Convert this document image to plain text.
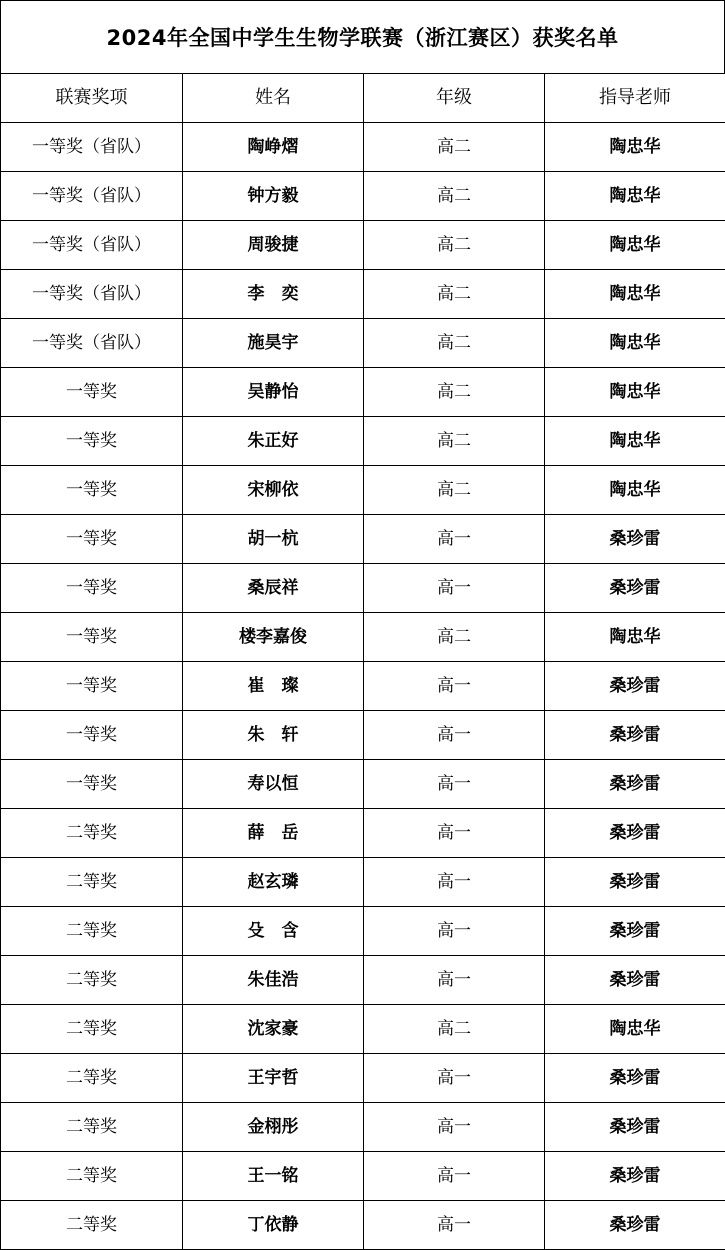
2024年全国中学生生物学联赛（浙江赛区）获奖名单
联赛奖项	姓名	年级	指导老师
一等奖（省队）	陶峥熠	高二	陶忠华
一等奖（省队）	钟方毅	高二	陶忠华
一等奖（省队）	周骏捷	高二	陶忠华
一等奖（省队）	李　奕	高二	陶忠华
一等奖（省队）	施昊宇	高二	陶忠华
一等奖	吴静怡	高二	陶忠华
一等奖	朱正好	高二	陶忠华
一等奖	宋柳依	高二	陶忠华
一等奖	胡一杭	高一	桑珍雷
一等奖	桑辰祥	高一	桑珍雷
一等奖	楼李嘉俊	高二	陶忠华
一等奖	崔　璨	高一	桑珍雷
一等奖	朱　轩	高一	桑珍雷
一等奖	寿以恒	高一	桑珍雷
二等奖	薛　岳	高一	桑珍雷
二等奖	赵玄璘	高一	桑珍雷
二等奖	殳　含	高一	桑珍雷
二等奖	朱佳浩	高一	桑珍雷
二等奖	沈家豪	高二	陶忠华
二等奖	王宇哲	高一	桑珍雷
二等奖	金栩彤	高一	桑珍雷
二等奖	王一铭	高一	桑珍雷
二等奖	丁依静	高一	桑珍雷
